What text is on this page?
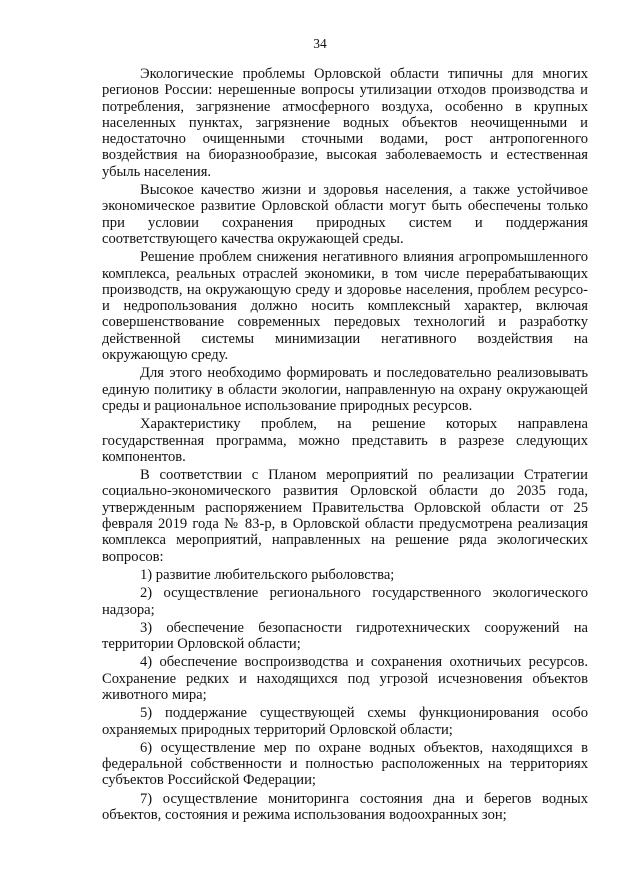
34

Экологические проблемы Орловской области типичны для многих регионов России: нерешенные вопросы утилизации отходов производства и потребления, загрязнение атмосферного воздуха, особенно в крупных населенных пунктах, загрязнение водных объектов неочищенными и недостаточно очищенными сточными водами, рост антропогенного воздействия на биоразнообразие, высокая заболеваемость и естественная убыль населения.

Высокое качество жизни и здоровья населения, а также устойчивое экономическое развитие Орловской области могут быть обеспечены только при условии сохранения природных систем и поддержания соответствующего качества окружающей среды.

Решение проблем снижения негативного влияния агропромышленного комплекса, реальных отраслей экономики, в том числе перерабатывающих производств, на окружающую среду и здоровье населения, проблем ресурсо- и недропользования должно носить комплексный характер, включая совершенствование современных передовых технологий и разработку действенной системы минимизации негативного воздействия на окружающую среду.

Для этого необходимо формировать и последовательно реализовывать единую политику в области экологии, направленную на охрану окружающей среды и рациональное использование природных ресурсов.

Характеристику проблем, на решение которых направлена государственная программа, можно представить в разрезе следующих компонентов.

В соответствии с Планом мероприятий по реализации Стратегии социально-экономического развития Орловской области до 2035 года, утвержденным распоряжением Правительства Орловской области от 25 февраля 2019 года № 83-р, в Орловской области предусмотрена реализация комплекса мероприятий, направленных на решение ряда экологических вопросов:

1) развитие любительского рыболовства;

2) осуществление регионального государственного экологического надзора;

3) обеспечение безопасности гидротехнических сооружений на территории Орловской области;

4) обеспечение воспроизводства и сохранения охотничьих ресурсов. Сохранение редких и находящихся под угрозой исчезновения объектов животного мира;

5) поддержание существующей схемы функционирования особо охраняемых природных территорий Орловской области;

6) осуществление мер по охране водных объектов, находящихся в федеральной собственности и полностью расположенных на территориях субъектов Российской Федерации;

7) осуществление мониторинга состояния дна и берегов водных объектов, состояния и режима использования водоохранных зон;
